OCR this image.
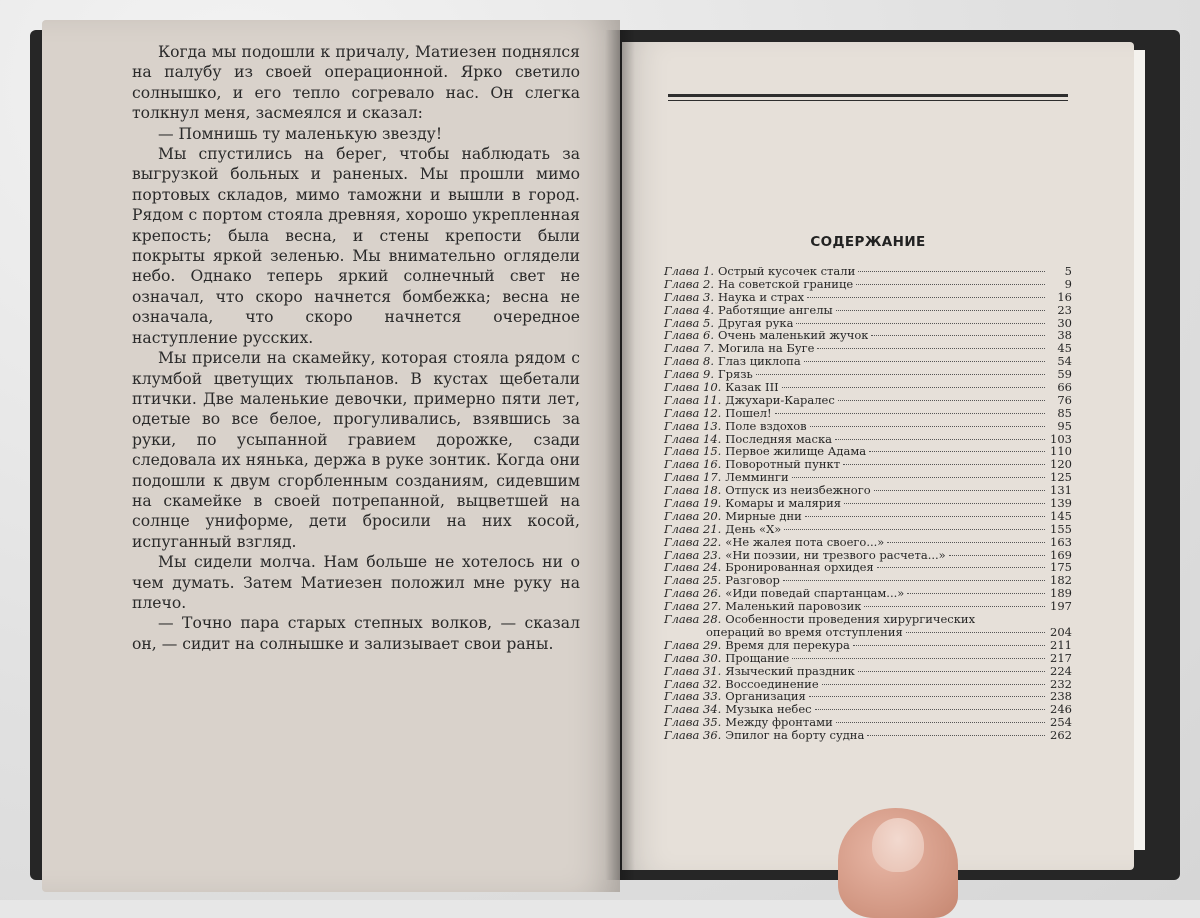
Когда мы подошли к причалу, Матиезен поднялся на палубу из своей операционной. Ярко светило солнышко, и его тепло согревало нас. Он слегка толкнул меня, засмеялся и сказал:

— Помнишь ту маленькую звезду!

Мы спустились на берег, чтобы наблюдать за выгрузкой больных и раненых. Мы прошли мимо портовых складов, мимо таможни и вышли в город. Рядом с портом стояла древняя, хорошо укрепленная крепость; была весна, и стены крепости были покрыты яркой зеленью. Мы внимательно оглядели небо. Однако теперь яркий солнечный свет не означал, что скоро начнется бомбежка; весна не означала, что скоро начнется очередное наступление русских.

Мы присели на скамейку, которая стояла рядом с клумбой цветущих тюльпанов. В кустах щебетали птички. Две маленькие девочки, примерно пяти лет, одетые во все белое, прогуливались, взявшись за руки, по усыпанной гравием дорожке, сзади следовала их нянька, держа в руке зонтик. Когда они подошли к двум сгорбленным созданиям, сидевшим на скамейке в своей потрепанной, выцветшей на солнце униформе, дети бросили на них косой, испуганный взгляд.

Мы сидели молча. Нам больше не хотелось ни о чем думать. Затем Матиезен положил мне руку на плечо.

— Точно пара старых степных волков, — сказал он, — сидит на солнышке и зализывает свои раны.

СОДЕРЖАНИЕ
Глава 1. Острый кусочек стали	5
Глава 2. На советской границе	9
Глава 3. Наука и страх	16
Глава 4. Работящие ангелы	23
Глава 5. Другая рука	30
Глава 6. Очень маленький жучок	38
Глава 7. Могила на Буге	45
Глава 8. Глаз циклопа	54
Глава 9. Грязь	59
Глава 10. Казак III	66
Глава 11. Джухари-Каралес	76
Глава 12. Пошел!	85
Глава 13. Поле вздохов	95
Глава 14. Последняя маска	103
Глава 15. Первое жилище Адама	110
Глава 16. Поворотный пункт	120
Глава 17. Лемминги	125
Глава 18. Отпуск из неизбежного	131
Глава 19. Комары и малярия	139
Глава 20. Мирные дни	145
Глава 21. День «Х»	155
Глава 22. «Не жалея пота своего...»	163
Глава 23. «Ни поэзии, ни трезвого расчета...»	169
Глава 24. Бронированная орхидея	175
Глава 25. Разговор	182
Глава 26. «Иди поведай спартанцам...»	189
Глава 27. Маленький паровозик	197
Глава 28. Особенности проведения хирургических
операций во время отступления	204
Глава 29. Время для перекура	211
Глава 30. Прощание	217
Глава 31. Языческий праздник	224
Глава 32. Воссоединение	232
Глава 33. Организация	238
Глава 34. Музыка небес	246
Глава 35. Между фронтами	254
Глава 36. Эпилог на борту судна	262
